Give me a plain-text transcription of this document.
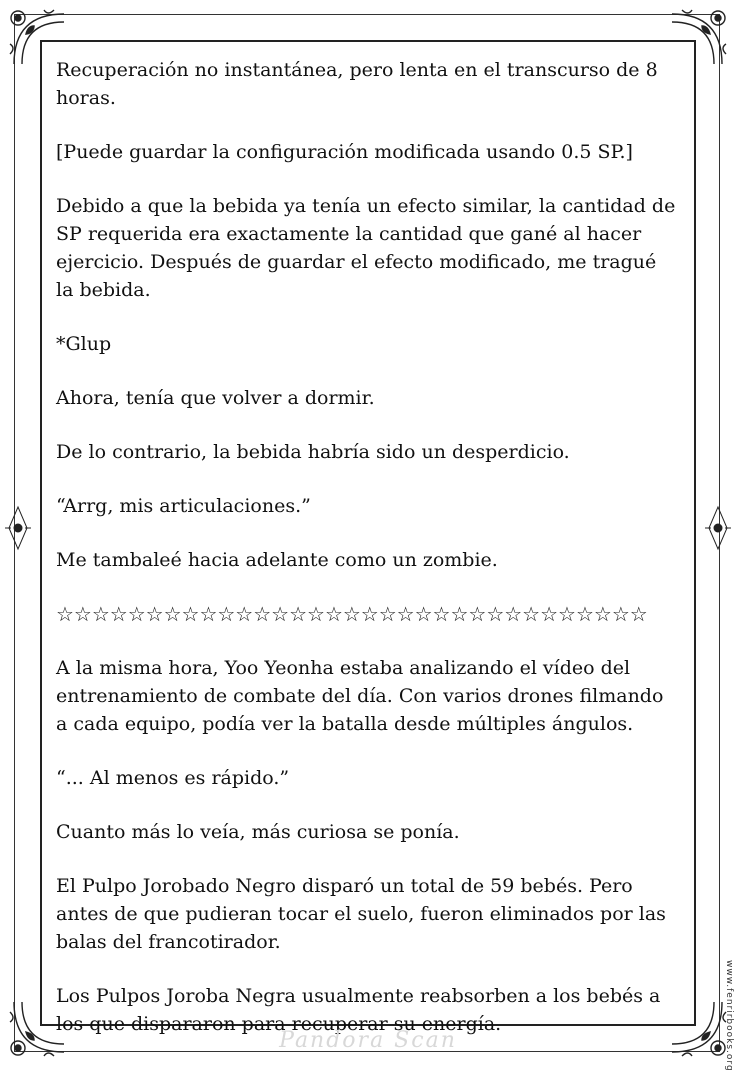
Recuperación no instantánea, pero lenta en el transcurso de 8 horas.

[Puede guardar la configuración modificada usando 0.5 SP.]

Debido a que la bebida ya tenía un efecto similar, la cantidad de SP requerida era exactamente la cantidad que gané al hacer ejercicio. Después de guardar el efecto modificado, me tragué la bebida.

*Glup

Ahora, tenía que volver a dormir.

De lo contrario, la bebida habría sido un desperdicio.

“Arrg, mis articulaciones.”

Me tambaleé hacia adelante como un zombie.

☆☆☆☆☆☆☆☆☆☆☆☆☆☆☆☆☆☆☆☆☆☆☆☆☆☆☆☆☆☆☆☆☆

A la misma hora, Yoo Yeonha estaba analizando el vídeo del entrenamiento de combate del día. Con varios drones filmando a cada equipo, podía ver la batalla desde múltiples ángulos.

“... Al menos es rápido.”

Cuanto más lo veía, más curiosa se ponía.

El Pulpo Jorobado Negro disparó un total de 59 bebés. Pero antes de que pudieran tocar el suelo, fueron eliminados por las balas del francotirador.

Los Pulpos Joroba Negra usualmente reabsorben a los bebés a los que dispararon para recuperar su energía.	www.fenrirbooks.org
Pandora Scan
